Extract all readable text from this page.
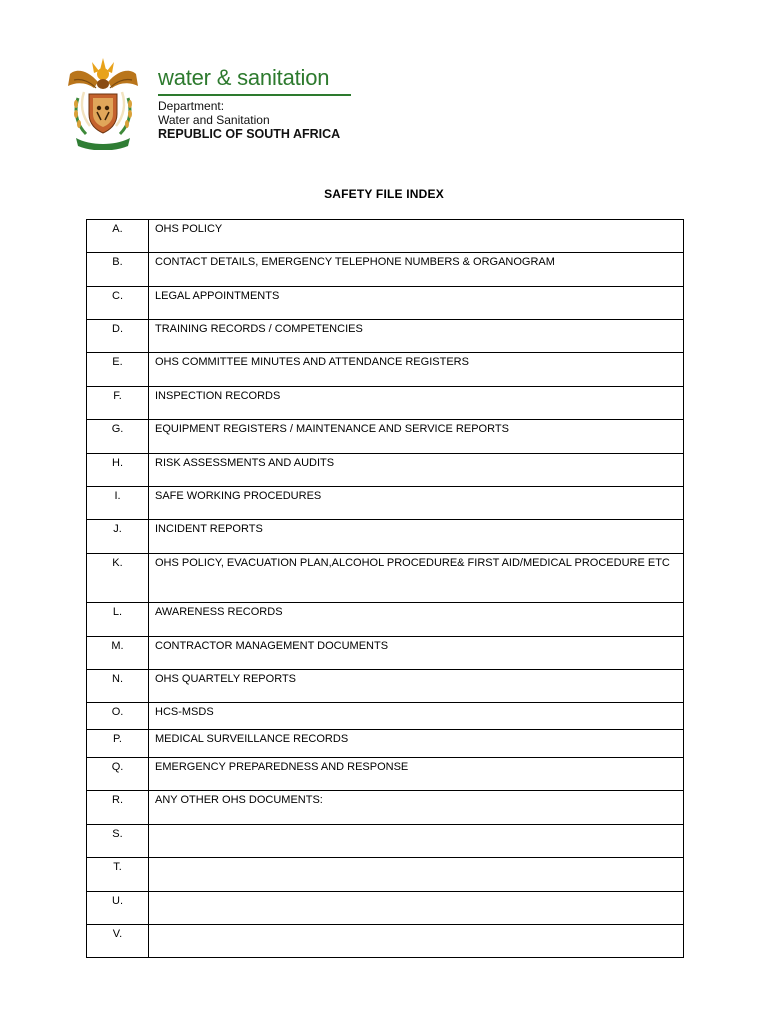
water & sanitation
Department:
Water and Sanitation
REPUBLIC OF SOUTH AFRICA
SAFETY FILE INDEX
A.	OHS POLICY
B.	CONTACT DETAILS, EMERGENCY TELEPHONE NUMBERS & ORGANOGRAM
C.	LEGAL APPOINTMENTS
D.	TRAINING RECORDS / COMPETENCIES
E.	OHS COMMITTEE MINUTES AND ATTENDANCE REGISTERS
F.	INSPECTION RECORDS
G.	EQUIPMENT REGISTERS / MAINTENANCE AND SERVICE REPORTS
H.	RISK ASSESSMENTS AND AUDITS
I.	SAFE WORKING PROCEDURES
J.	INCIDENT REPORTS
K.	OHS POLICY, EVACUATION PLAN,ALCOHOL PROCEDURE& FIRST AID/MEDICAL PROCEDURE ETC
L.	AWARENESS RECORDS
M.	CONTRACTOR MANAGEMENT DOCUMENTS
N.	OHS QUARTELY REPORTS
O.	HCS-MSDS
P.	MEDICAL SURVEILLANCE RECORDS
Q.	EMERGENCY PREPAREDNESS AND RESPONSE
R.	ANY OTHER OHS DOCUMENTS:
S.	
T.	
U.	
V.	
